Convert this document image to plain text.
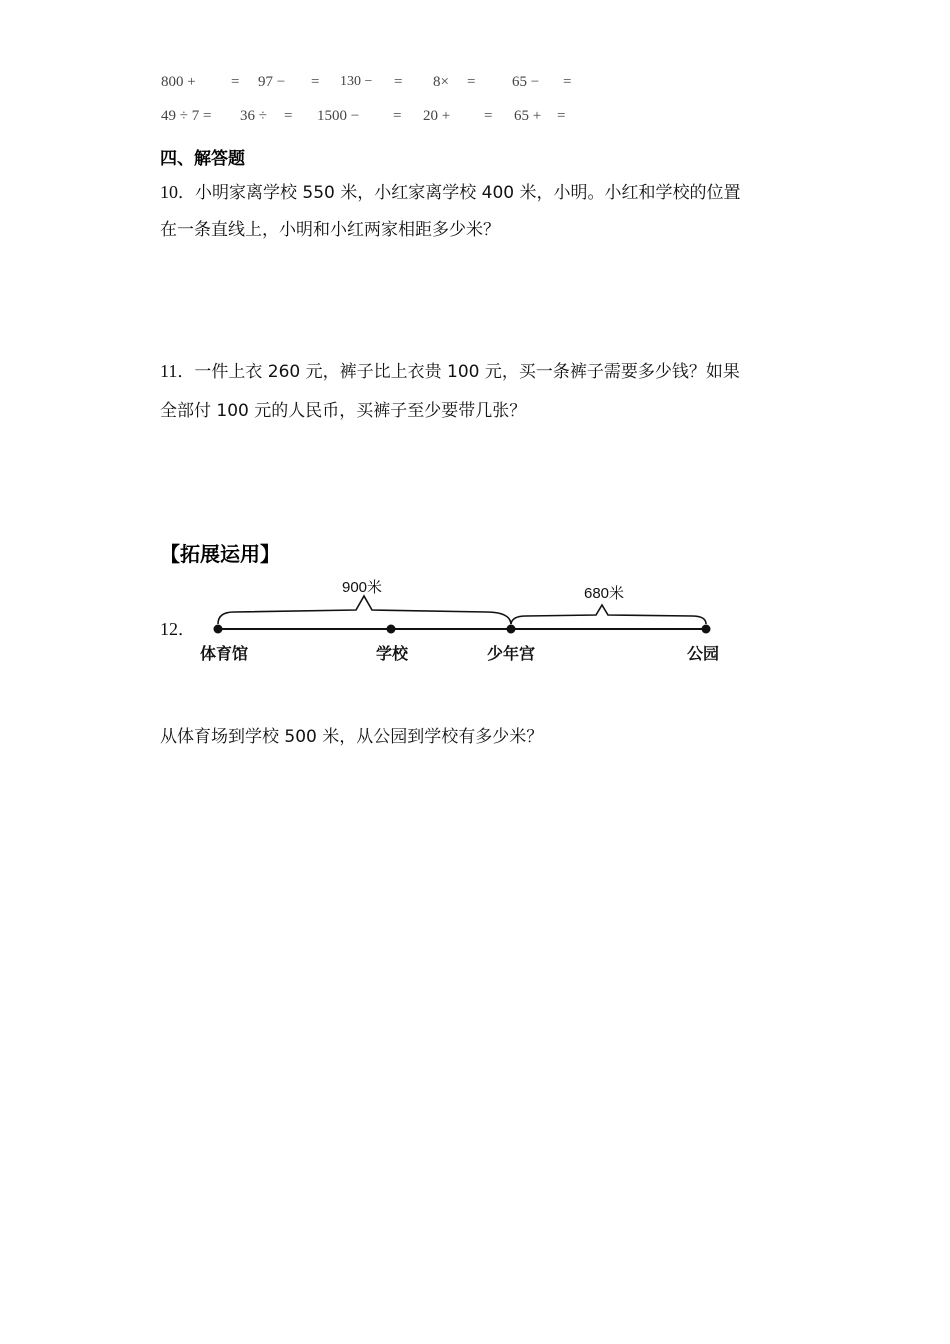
800 + = 97 − = 130 − = 8× = 65 − =
49 ÷ 7 = 36 ÷ = 1500 − = 20 + = 65 + =
四、解答题
10．小明家离学校 550 米，小红家离学校 400 米，小明。小红和学校的位置
在一条直线上，小明和小红两家相距多少米？
11．一件上衣 260 元，裤子比上衣贵 100 元，买一条裤子需要多少钱？如果
全部付 100 元的人民币，买裤子至少要带几张？
【拓展运用】
12．
900米	680米
体育馆	学校	少年宫	公园
从体育场到学校 500 米，从公园到学校有多少米？
